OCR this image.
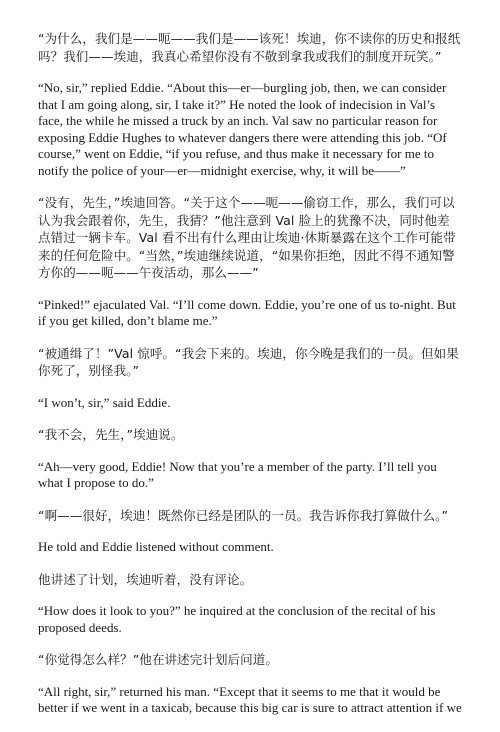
“为什么，我们是——呃——我们是——该死！埃迪，你不读你的历史和报纸吗？我们——埃迪，我真心希望你没有不敬到拿我或我们的制度开玩笑。”

“No, sir,” replied Eddie. “About this—er—burgling job, then, we can consider that I am going along, sir, I take it?” He noted the look of indecision in Val’s face, the while he missed a truck by an inch. Val saw no particular reason for exposing Eddie Hughes to whatever dangers there were attending this job. “Of course,” went on Eddie, “if you refuse, and thus make it necessary for me to notify the police of your—er—midnight exercise, why, it will be——”

“没有，先生，”埃迪回答。“关于这个——呃——偷窃工作，那么，我们可以认为我会跟着你，先生，我猜？”他注意到 Val 脸上的犹豫不决，同时他差点错过一辆卡车。Val 看不出有什么理由让埃迪·休斯暴露在这个工作可能带来的任何危险中。“当然，”埃迪继续说道，“如果你拒绝，因此不得不通知警方你的——呃——午夜活动，那么——”

“Pinked!” ejaculated Val. “I’ll come down. Eddie, you’re one of us to-night. But if you get killed, don’t blame me.”

“被通缉了！”Val 惊呼。“我会下来的。埃迪，你今晚是我们的一员。但如果你死了，别怪我。”

“I won’t, sir,” said Eddie.

“我不会，先生，”埃迪说。

“Ah—very good, Eddie! Now that you’re a member of the party. I’ll tell you what I propose to do.”

“啊——很好，埃迪！既然你已经是团队的一员。我告诉你我打算做什么。”

He told and Eddie listened without comment.

他讲述了计划，埃迪听着，没有评论。

“How does it look to you?” he inquired at the conclusion of the recital of his proposed deeds.

“你觉得怎么样？”他在讲述完计划后问道。

“All right, sir,” returned his man. “Except that it seems to me that it would be better if we went in a taxicab, because this big car is sure to attract attention if we
